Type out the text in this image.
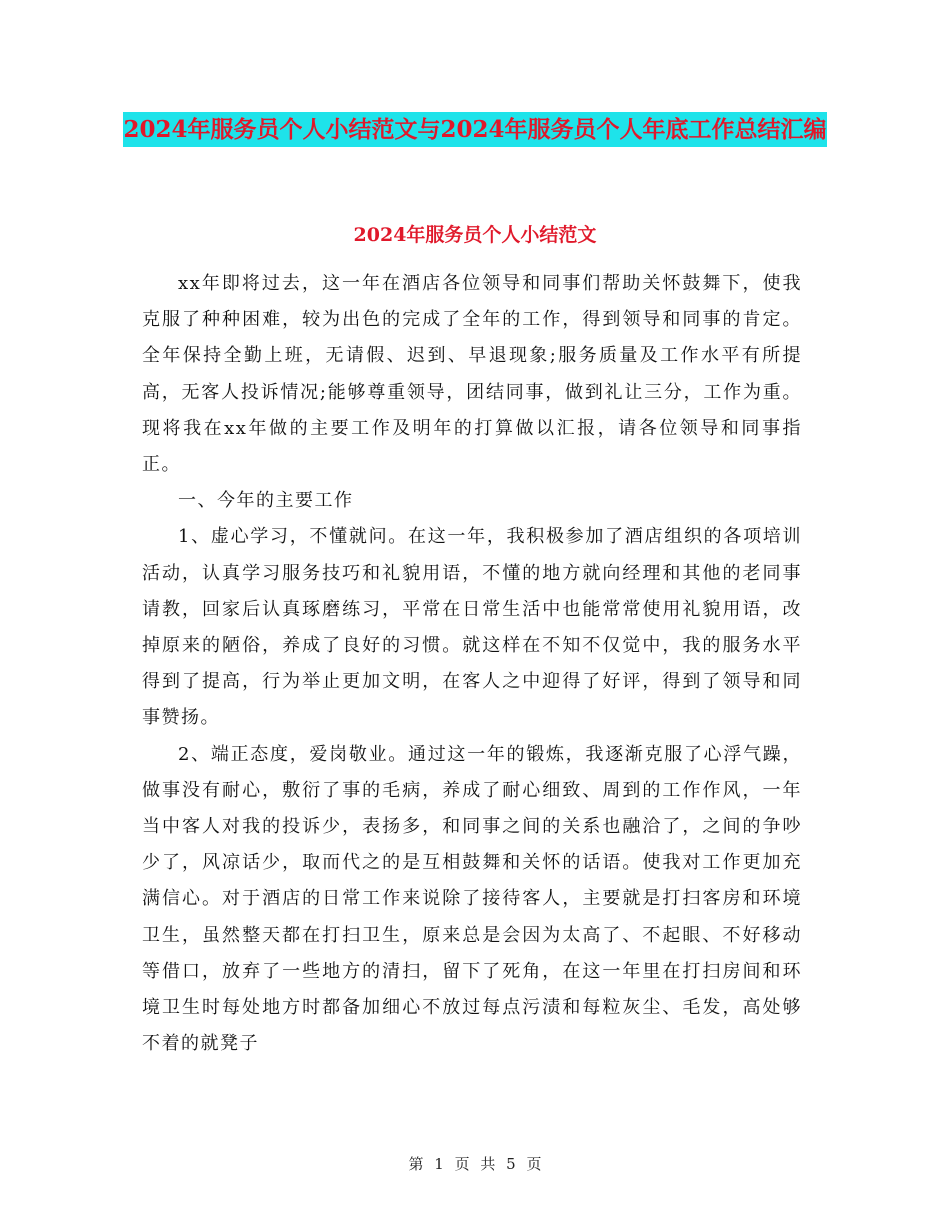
2024年服务员个人小结范文与2024年服务员个人年底工作总结汇编
2024年服务员个人小结范文

xx年即将过去，这一年在酒店各位领导和同事们帮助关怀鼓舞下，使我克服了种种困难，较为出色的完成了全年的工作，得到领导和同事的肯定。全年保持全勤上班，无请假、迟到、早退现象;服务质量及工作水平有所提高，无客人投诉情况;能够尊重领导，团结同事，做到礼让三分，工作为重。现将我在xx年做的主要工作及明年的打算做以汇报，请各位领导和同事指正。

一、今年的主要工作

1、虚心学习，不懂就问。在这一年，我积极参加了酒店组织的各项培训活动，认真学习服务技巧和礼貌用语，不懂的地方就向经理和其他的老同事请教，回家后认真琢磨练习，平常在日常生活中也能常常使用礼貌用语，改掉原来的陋俗，养成了良好的习惯。就这样在不知不仅觉中，我的服务水平得到了提高，行为举止更加文明，在客人之中迎得了好评，得到了领导和同事赞扬。

2、端正态度，爱岗敬业。通过这一年的锻炼，我逐渐克服了心浮气躁，做事没有耐心，敷衍了事的毛病，养成了耐心细致、周到的工作作风，一年当中客人对我的投诉少，表扬多，和同事之间的关系也融洽了，之间的争吵少了，风凉话少，取而代之的是互相鼓舞和关怀的话语。使我对工作更加充满信心。对于酒店的日常工作来说除了接待客人，主要就是打扫客房和环境卫生，虽然整天都在打扫卫生，原来总是会因为太高了、不起眼、不好移动等借口，放弃了一些地方的清扫，留下了死角，在这一年里在打扫房间和环境卫生时每处地方时都备加细心不放过每点污渍和每粒灰尘、毛发，高处够不着的就凳子

第 1 页 共 5 页
